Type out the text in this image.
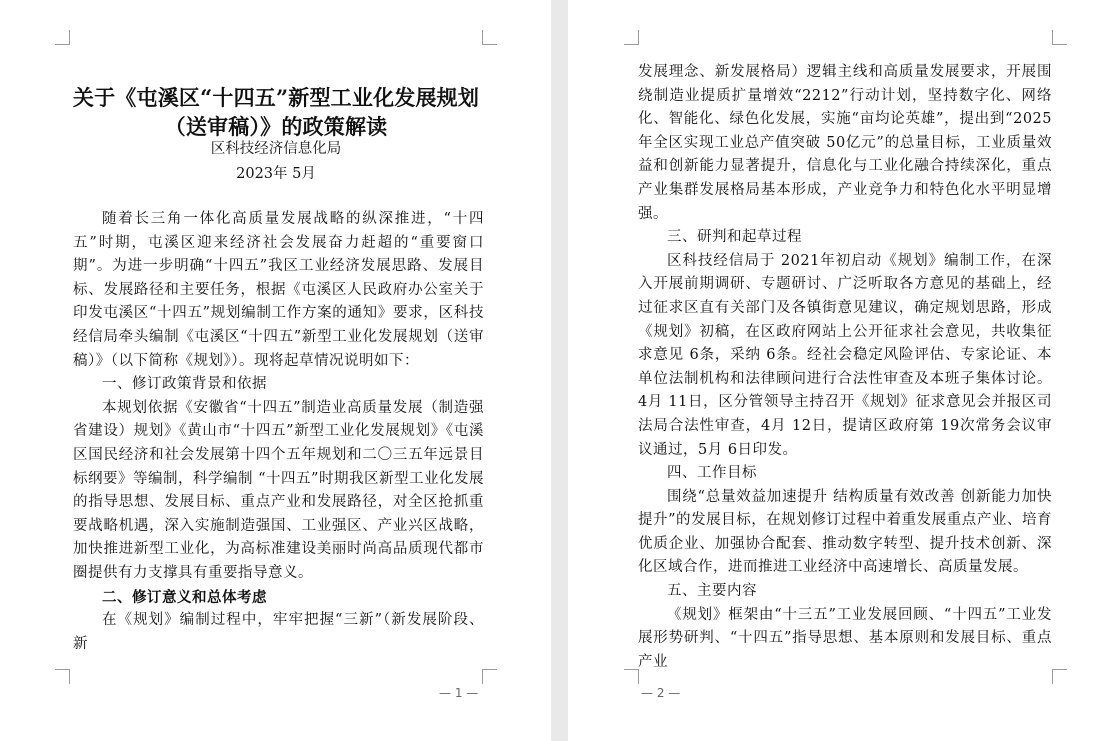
关于《屯溪区“十四五”新型工业化发展规划
（送审稿）》的政策解读
区科技经济信息化局
2023年 5月

随着长三角一体化高质量发展战略的纵深推进，“十四五”时期，屯溪区迎来经济社会发展奋力赶超的“重要窗口期”。为进一步明确“十四五”我区工业经济发展思路、发展目标、发展路径和主要任务，根据《屯溪区人民政府办公室关于印发屯溪区“十四五”规划编制工作方案的通知》要求，区科技经信局牵头编制《屯溪区“十四五”新型工业化发展规划（送审稿）》（以下简称《规划》）。现将起草情况说明如下：

一、修订政策背景和依据

本规划依据《安徽省“十四五”制造业高质量发展（制造强省建设）规划》《黄山市“十四五”新型工业化发展规划》《屯溪区国民经济和社会发展第十四个五年规划和二〇三五年远景目标纲要》等编制，科学编制 “十四五”时期我区新型工业化发展的指导思想、发展目标、重点产业和发展路径，对全区抢抓重要战略机遇，深入实施制造强国、工业强区、产业兴区战略，加快推进新型工业化，为高标准建设美丽时尚高品质现代都市圈提供有力支撑具有重要指导意义。

二、修订意义和总体考虑

在《规划》编制过程中，牢牢把握“三新”（新发展阶段、新

— 1 —	— 2 —

发展理念、新发展格局）逻辑主线和高质量发展要求，开展围绕制造业提质扩量增效“2212”行动计划，坚持数字化、网络化、智能化、绿色化发展，实施“亩均论英雄”，提出到“2025年全区实现工业总产值突破 50亿元”的总量目标，工业质量效益和创新能力显著提升，信息化与工业化融合持续深化，重点产业集群发展格局基本形成，产业竞争力和特色化水平明显增强。

三、研判和起草过程

区科技经信局于 2021年初启动《规划》编制工作，在深入开展前期调研、专题研讨、广泛听取各方意见的基础上，经过征求区直有关部门及各镇街意见建议，确定规划思路，形成《规划》初稿，在区政府网站上公开征求社会意见，共收集征求意见 6条，采纳 6条。经社会稳定风险评估、专家论证、本单位法制机构和法律顾问进行合法性审查及本班子集体讨论。4月 11日，区分管领导主持召开《规划》征求意见会并报区司法局合法性审查，4月 12日，提请区政府第 19次常务会议审议通过，5月 6日印发。

四、工作目标

围绕“总量效益加速提升 结构质量有效改善 创新能力加快提升”的发展目标，在规划修订过程中着重发展重点产业、培育优质企业、加强协合配套、推动数字转型、提升技术创新、深化区域合作，进而推进工业经济中高速增长、高质量发展。

五、主要内容

《规划》框架由“十三五”工业发展回顾、“十四五”工业发展形势研判、“十四五”指导思想、基本原则和发展目标、重点产业
